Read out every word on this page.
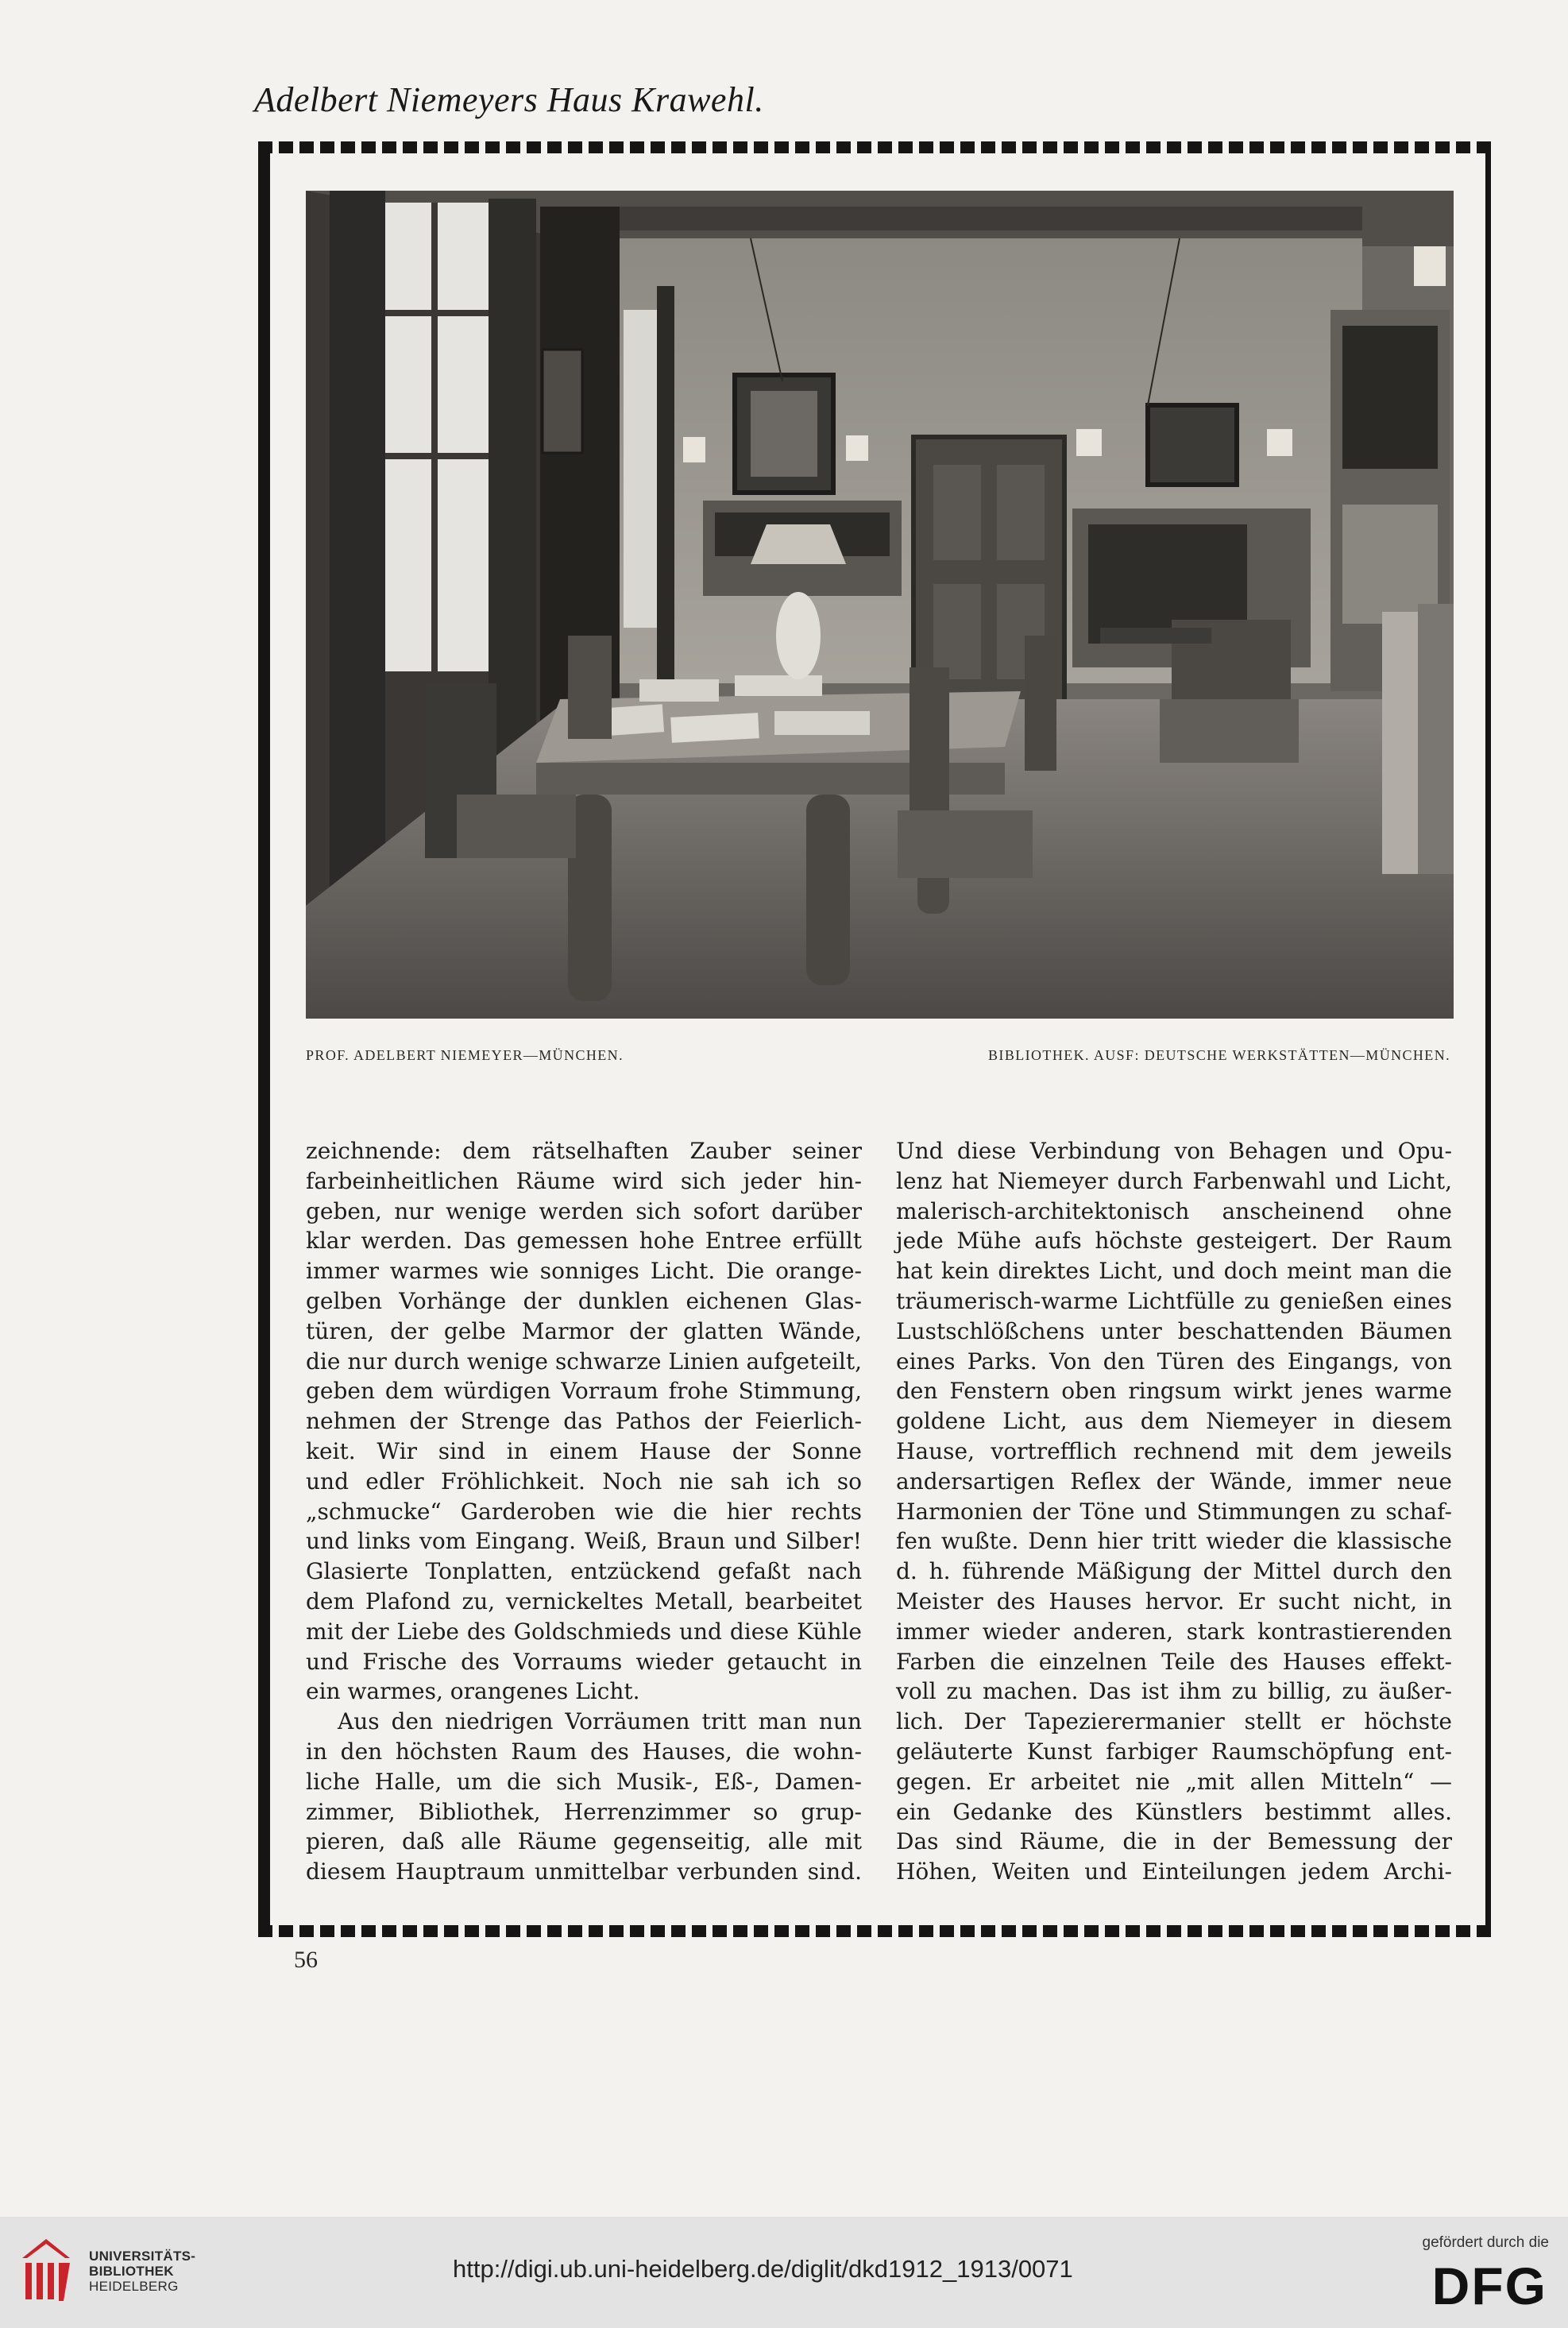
Adelbert Niemeyers Haus Krawehl.
PROF. ADELBERT NIEMEYER—MÜNCHEN.	BIBLIOTHEK. AUSF: DEUTSCHE WERKSTÄTTEN—MÜNCHEN.
zeichnende: dem rätselhaften Zauber seiner
farbeinheitlichen Räume wird sich jeder hin-
geben, nur wenige werden sich sofort darüber
klar werden. Das gemessen hohe Entree erfüllt
immer warmes wie sonniges Licht. Die orange-
gelben Vorhänge der dunklen eichenen Glas-
türen, der gelbe Marmor der glatten Wände,
die nur durch wenige schwarze Linien aufgeteilt,
geben dem würdigen Vorraum frohe Stimmung,
nehmen der Strenge das Pathos der Feierlich-
keit. Wir sind in einem Hause der Sonne
und edler Fröhlichkeit. Noch nie sah ich so
„schmucke“ Garderoben wie die hier rechts
und links vom Eingang. Weiß, Braun und Silber!
Glasierte Tonplatten, entzückend gefaßt nach
dem Plafond zu, vernickeltes Metall, bearbeitet
mit der Liebe des Goldschmieds und diese Kühle
und Frische des Vorraums wieder getaucht in
ein warmes, orangenes Licht.
Aus den niedrigen Vorräumen tritt man nun
in den höchsten Raum des Hauses, die wohn-
liche Halle, um die sich Musik-, Eß-, Damen-
zimmer, Bibliothek, Herrenzimmer so grup-
pieren, daß alle Räume gegenseitig, alle mit
diesem Hauptraum unmittelbar verbunden sind.
Und diese Verbindung von Behagen und Opu-
lenz hat Niemeyer durch Farbenwahl und Licht,
malerisch-architektonisch anscheinend ohne
jede Mühe aufs höchste gesteigert. Der Raum
hat kein direktes Licht, und doch meint man die
träumerisch-warme Lichtfülle zu genießen eines
Lustschlößchens unter beschattenden Bäumen
eines Parks. Von den Türen des Eingangs, von
den Fenstern oben ringsum wirkt jenes warme
goldene Licht, aus dem Niemeyer in diesem
Hause, vortrefflich rechnend mit dem jeweils
andersartigen Reflex der Wände, immer neue
Harmonien der Töne und Stimmungen zu schaf-
fen wußte. Denn hier tritt wieder die klassische
d. h. führende Mäßigung der Mittel durch den
Meister des Hauses hervor. Er sucht nicht, in
immer wieder anderen, stark kontrastierenden
Farben die einzelnen Teile des Hauses effekt-
voll zu machen. Das ist ihm zu billig, zu äußer-
lich. Der Tapezierermanier stellt er höchste
geläuterte Kunst farbiger Raumschöpfung ent-
gegen. Er arbeitet nie „mit allen Mitteln“ —
ein Gedanke des Künstlers bestimmt alles.
Das sind Räume, die in der Bemessung der
Höhen, Weiten und Einteilungen jedem Archi-
56
UNIVERSITÄTS-
BIBLIOTHEK
HEIDELBERG
http://digi.ub.uni-heidelberg.de/diglit/dkd1912_1913/0071
gefördert durch die
DFG
